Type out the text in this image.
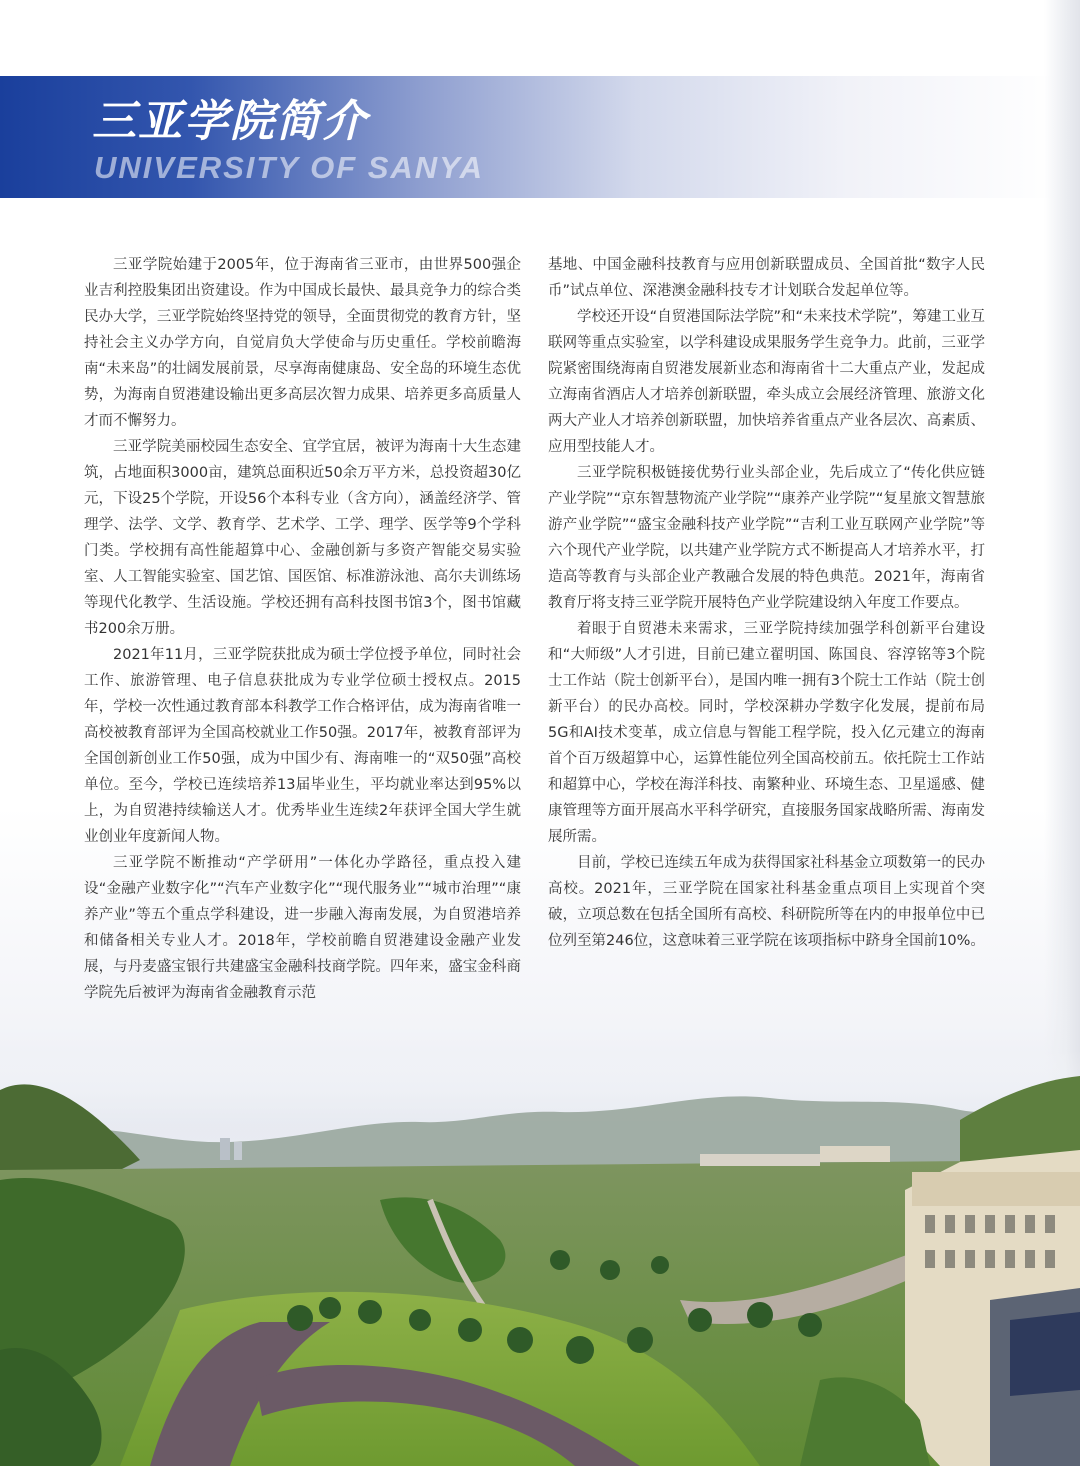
三亚学院简介
UNIVERSITY OF SANYA

三亚学院始建于2005年，位于海南省三亚市，由世界500强企业吉利控股集团出资建设。作为中国成长最快、最具竞争力的综合类民办大学，三亚学院始终坚持党的领导，全面贯彻党的教育方针，坚持社会主义办学方向，自觉肩负大学使命与历史重任。学校前瞻海南“未来岛”的壮阔发展前景，尽享海南健康岛、安全岛的环境生态优势，为海南自贸港建设输出更多高层次智力成果、培养更多高质量人才而不懈努力。

三亚学院美丽校园生态安全、宜学宜居，被评为海南十大生态建筑，占地面积3000亩，建筑总面积近50余万平方米，总投资超30亿元，下设25个学院，开设56个本科专业（含方向），涵盖经济学、管理学、法学、文学、教育学、艺术学、工学、理学、医学等9个学科门类。学校拥有高性能超算中心、金融创新与多资产智能交易实验室、人工智能实验室、国艺馆、国医馆、标准游泳池、高尔夫训练场等现代化教学、生活设施。学校还拥有高科技图书馆3个，图书馆藏书200余万册。

2021年11月，三亚学院获批成为硕士学位授予单位，同时社会工作、旅游管理、电子信息获批成为专业学位硕士授权点。2015年，学校一次性通过教育部本科教学工作合格评估，成为海南省唯一高校被教育部评为全国高校就业工作50强。2017年，被教育部评为全国创新创业工作50强，成为中国少有、海南唯一的“双50强”高校单位。至今，学校已连续培养13届毕业生，平均就业率达到95%以上，为自贸港持续输送人才。优秀毕业生连续2年获评全国大学生就业创业年度新闻人物。

三亚学院不断推动“产学研用”一体化办学路径，重点投入建设“金融产业数字化”“汽车产业数字化”“现代服务业”“城市治理”“康养产业”等五个重点学科建设，进一步融入海南发展，为自贸港培养和储备相关专业人才。2018年，学校前瞻自贸港建设金融产业发展，与丹麦盛宝银行共建盛宝金融科技商学院。四年来，盛宝金科商学院先后被评为海南省金融教育示范

基地、中国金融科技教育与应用创新联盟成员、全国首批“数字人民币”试点单位、深港澳金融科技专才计划联合发起单位等。

学校还开设“自贸港国际法学院”和“未来技术学院”，筹建工业互联网等重点实验室，以学科建设成果服务学生竞争力。此前，三亚学院紧密围绕海南自贸港发展新业态和海南省十二大重点产业，发起成立海南省酒店人才培养创新联盟，牵头成立会展经济管理、旅游文化两大产业人才培养创新联盟，加快培养省重点产业各层次、高素质、应用型技能人才。

三亚学院积极链接优势行业头部企业，先后成立了“传化供应链产业学院”“京东智慧物流产业学院”“康养产业学院”“复星旅文智慧旅游产业学院”“盛宝金融科技产业学院”“吉利工业互联网产业学院”等六个现代产业学院，以共建产业学院方式不断提高人才培养水平，打造高等教育与头部企业产教融合发展的特色典范。2021年，海南省教育厅将支持三亚学院开展特色产业学院建设纳入年度工作要点。

着眼于自贸港未来需求，三亚学院持续加强学科创新平台建设和“大师级”人才引进，目前已建立翟明国、陈国良、容淳铭等3个院士工作站（院士创新平台），是国内唯一拥有3个院士工作站（院士创新平台）的民办高校。同时，学校深耕办学数字化发展，提前布局5G和AI技术变革，成立信息与智能工程学院，投入亿元建立的海南首个百万级超算中心，运算性能位列全国高校前五。依托院士工作站和超算中心，学校在海洋科技、南繁种业、环境生态、卫星遥感、健康管理等方面开展高水平科学研究，直接服务国家战略所需、海南发展所需。

目前，学校已连续五年成为获得国家社科基金立项数第一的民办高校。2021年，三亚学院在国家社科基金重点项目上实现首个突破，立项总数在包括全国所有高校、科研院所等在内的申报单位中已位列至第246位，这意味着三亚学院在该项指标中跻身全国前10%。
